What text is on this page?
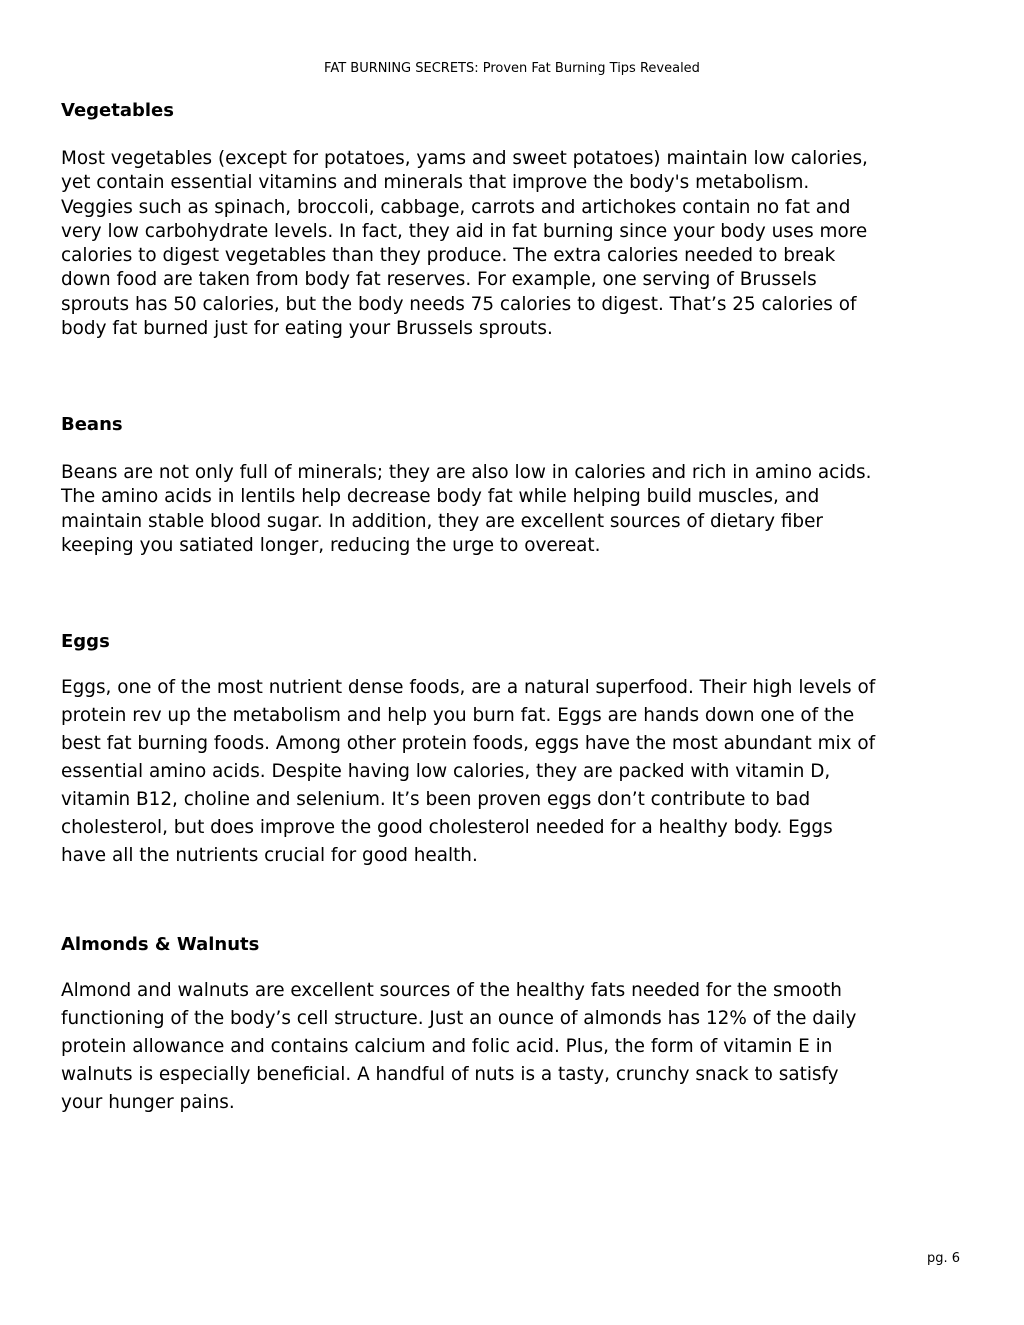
FAT BURNING SECRETS: Proven Fat Burning Tips Revealed
Vegetables

Most vegetables (except for potatoes, yams and sweet potatoes) maintain low calories,
yet contain essential vitamins and minerals that improve the body's metabolism.
Veggies such as spinach, broccoli, cabbage, carrots and artichokes contain no fat and
very low carbohydrate levels. In fact, they aid in fat burning since your body uses more
calories to digest vegetables than they produce. The extra calories needed to break
down food are taken from body fat reserves. For example, one serving of Brussels
sprouts has 50 calories, but the body needs 75 calories to digest. That’s 25 calories of
body fat burned just for eating your Brussels sprouts.

Beans

Beans are not only full of minerals; they are also low in calories and rich in amino acids.
The amino acids in lentils help decrease body fat while helping build muscles, and
maintain stable blood sugar. In addition, they are excellent sources of dietary fiber
keeping you satiated longer, reducing the urge to overeat.

Eggs

Eggs, one of the most nutrient dense foods, are a natural superfood. Their high levels of
protein rev up the metabolism and help you burn fat. Eggs are hands down one of the
best fat burning foods. Among other protein foods, eggs have the most abundant mix of
essential amino acids. Despite having low calories, they are packed with vitamin D,
vitamin B12, choline and selenium. It’s been proven eggs don’t contribute to bad
cholesterol, but does improve the good cholesterol needed for a healthy body. Eggs
have all the nutrients crucial for good health.

Almonds & Walnuts

Almond and walnuts are excellent sources of the healthy fats needed for the smooth
functioning of the body’s cell structure. Just an ounce of almonds has 12% of the daily
protein allowance and contains calcium and folic acid. Plus, the form of vitamin E in
walnuts is especially beneficial. A handful of nuts is a tasty, crunchy snack to satisfy
your hunger pains.

pg. 6
